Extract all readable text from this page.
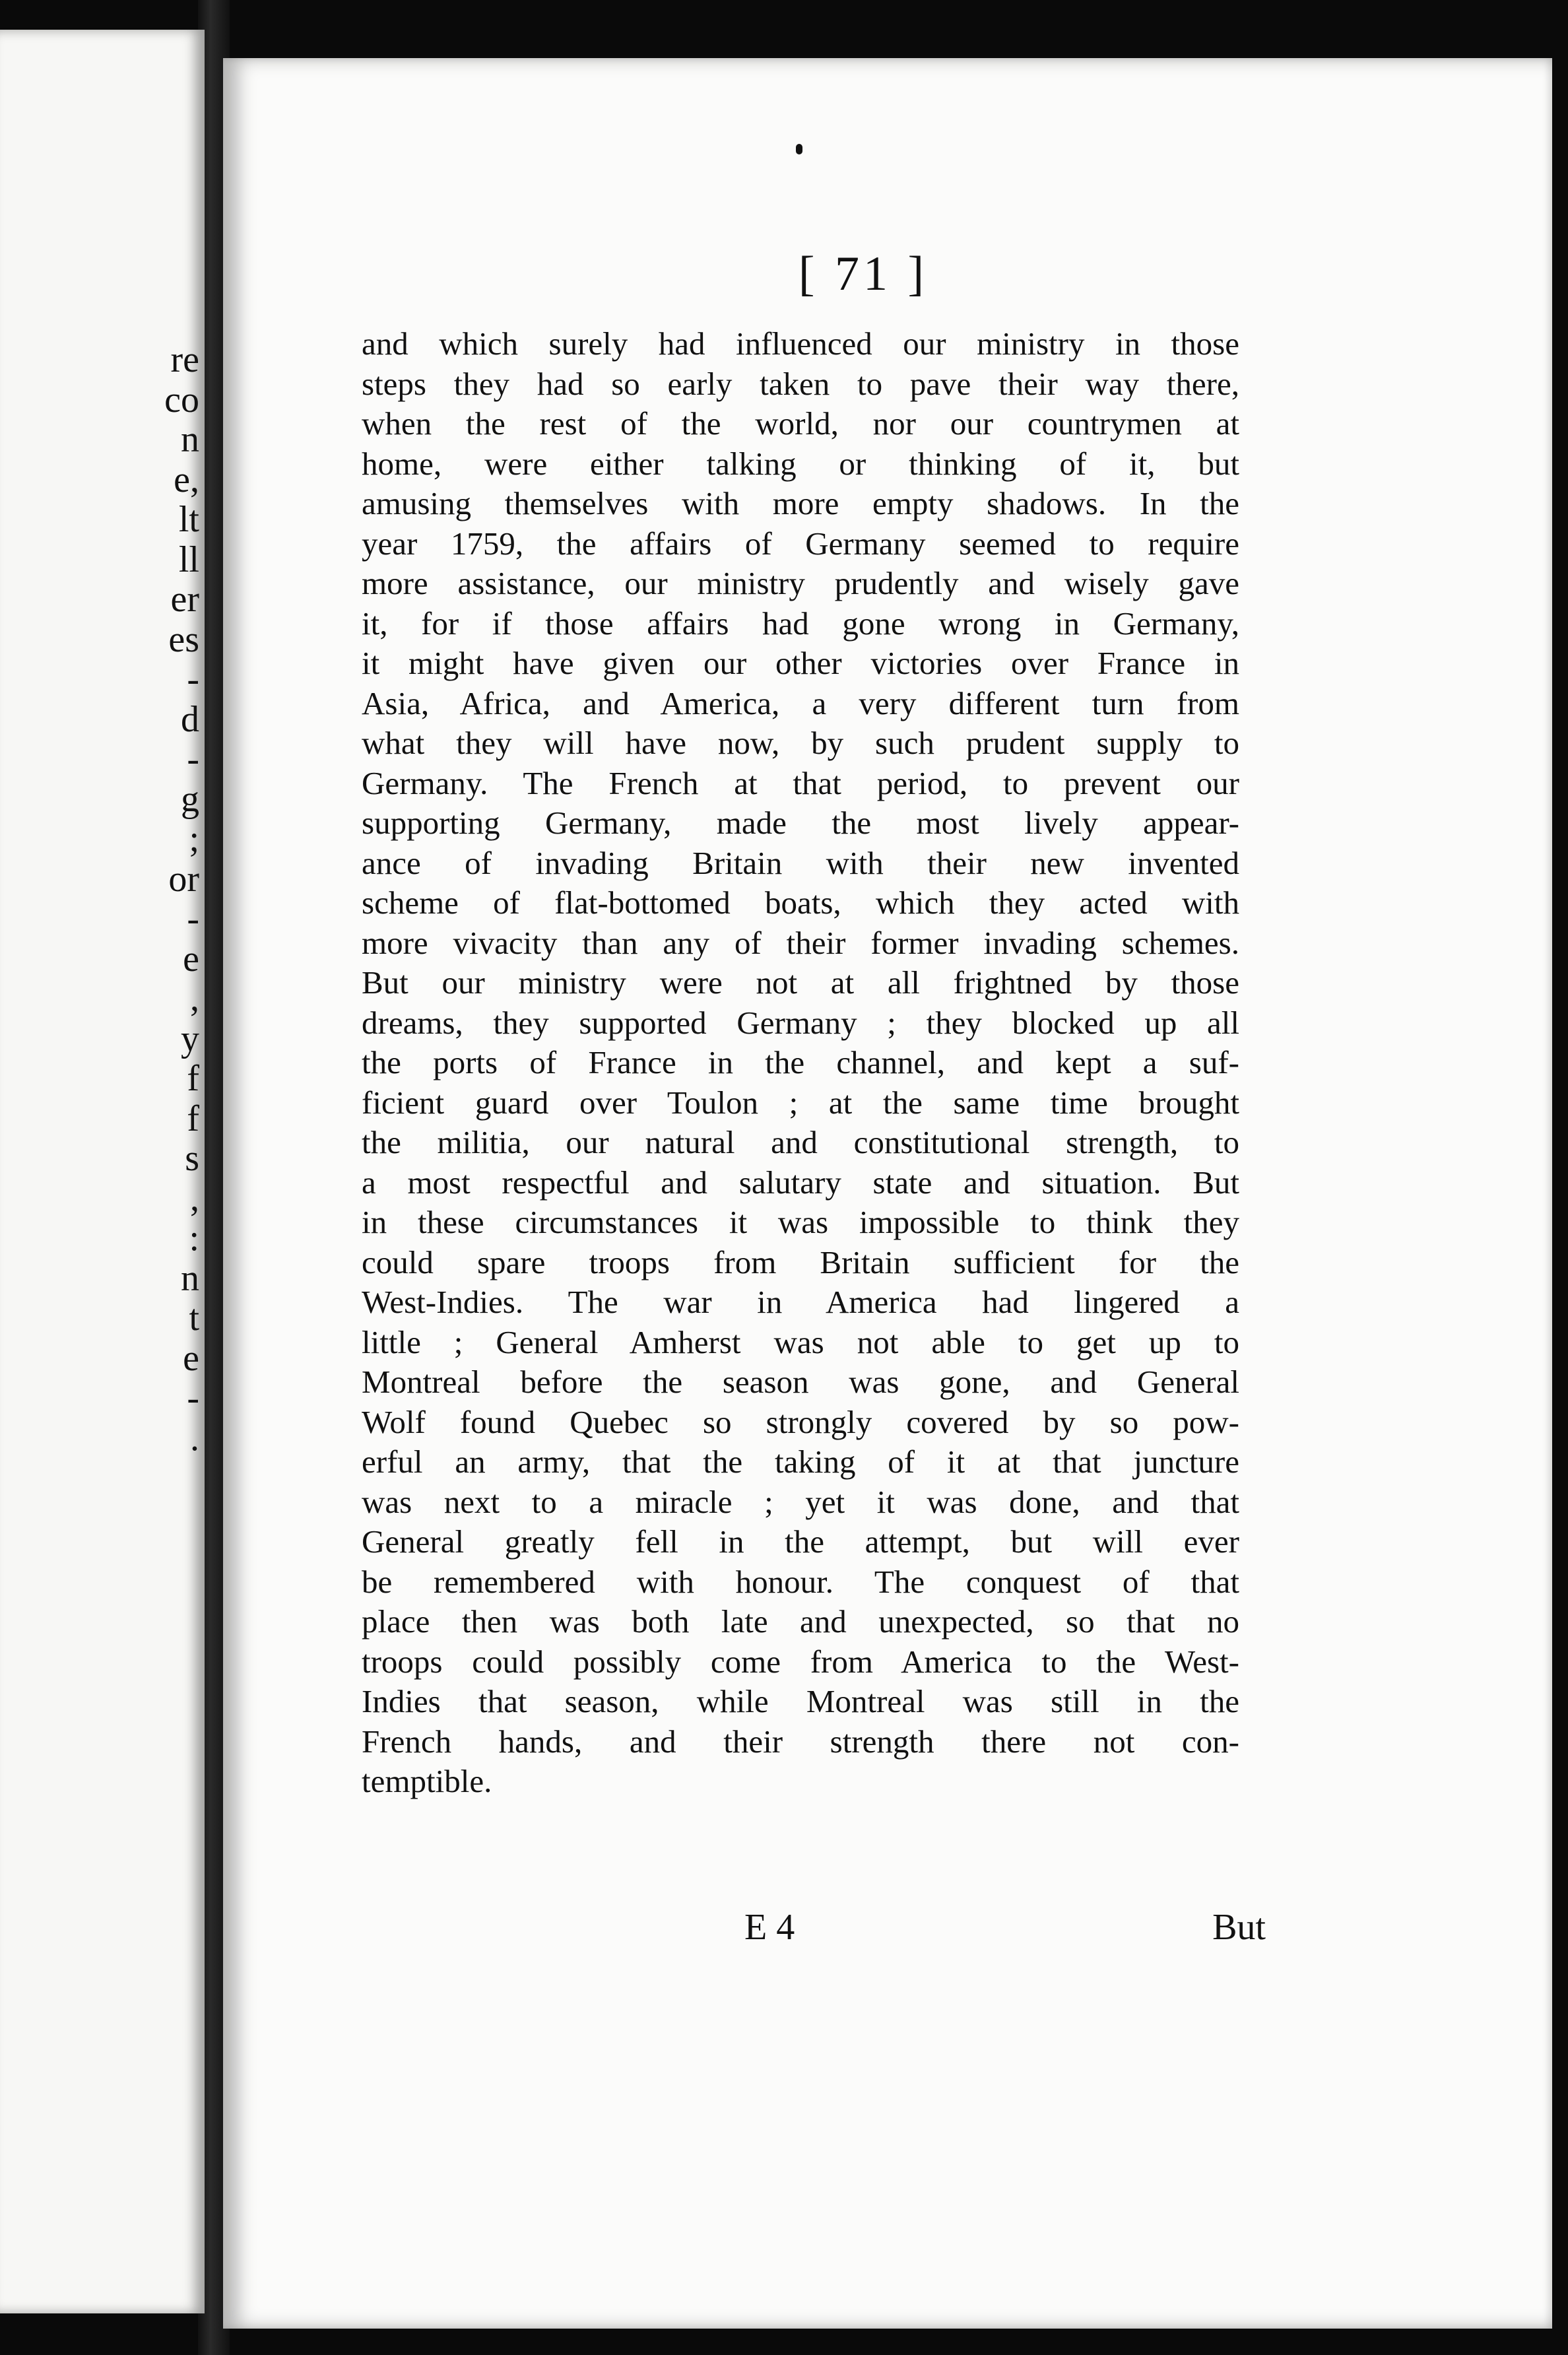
re
co
n
e,
lt
ll
er
es
-
d
-
g
;
or
-
e
,
y
f
f
s
,
:
n
t
e
-
.
[ 71 ]
and which surely had influenced our ministry in those
steps they had so early taken to pave their way there,
when the rest of the world, nor our countrymen at
home, were either talking or thinking of it, but
amusing themselves with more empty shadows. In the
year 1759, the affairs of Germany seemed to require
more assistance, our ministry prudently and wisely gave
it, for if those affairs had gone wrong in Germany,
it might have given our other victories over France in
Asia, Africa, and America, a very different turn from
what they will have now, by such prudent supply to
Germany. The French at that period, to prevent our
supporting Germany, made the most lively appear-
ance of invading Britain with their new invented
scheme of flat-bottomed boats, which they acted with
more vivacity than any of their former invading schemes.
But our ministry were not at all frightned by those
dreams, they supported Germany ; they blocked up all
the ports of France in the channel, and kept a suf-
ficient guard over Toulon ; at the same time brought
the militia, our natural and constitutional strength, to
a most respectful and salutary state and situation. But
in these circumstances it was impossible to think they
could spare troops from Britain sufficient for the
West-Indies. The war in America had lingered a
little ; General Amherst was not able to get up to
Montreal before the season was gone, and General
Wolf found Quebec so strongly covered by so pow-
erful an army, that the taking of it at that juncture
was next to a miracle ; yet it was done, and that
General greatly fell in the attempt, but will ever
be remembered with honour. The conquest of that
place then was both late and unexpected, so that no
troops could possibly come from America to the West-
Indies that season, while Montreal was still in the
French hands, and their strength there not con-
temptible.
E 4	But
